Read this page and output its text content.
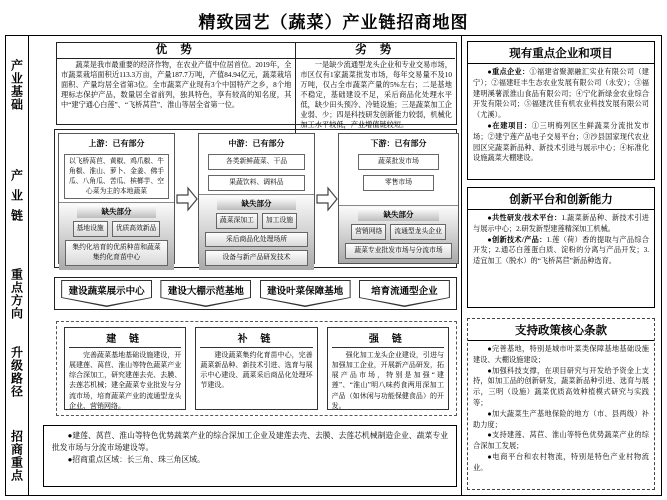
精致园艺（蔬菜）产业链招商地图
产业基础
产业链
重点方向
升级路径
招商重点
优 势	劣 势
蔬菜是我市最重要的经济作物，在农业产值中位居首位。2019年，全市蔬菜栽培面积近113.3万亩，产量187.7万吨，产值84.94亿元，蔬菜栽培面积、产量均居全省第3位。全市蔬菜产业现有3个中国特产之乡，8个地理标志保护产品，数量居全省前列，独具特色，享有较高的知名度，其中“建宁通心白莲”、“飞桥莴苣”、淮山等居全省第一位。
一是缺少流通型龙头企业和专业交易市场，市区仅有1家蔬菜批发市场，每年交易量不及10万吨，仅占全市蔬菜产量的5%左右；二是基地不稳定，基础建设不足，采后商品化处理水平低，缺少田头预冷、冷链设施；三是蔬菜加工企业弱、少；四是科技研发创新能力较弱，机械化加工水平较低，产业增值链较短。
上游：已有部分
以飞桥莴苣、黄椒、鸡爪椒、牛角椒、淮山、萝卜、金姜、佛手瓜、八角瓜、苦瓜、槟榔芋、空心菜为主的本地蔬菜
缺失部分
基地设施	优质高效新品
集约化培育的优质种苗和蔬菜集约化育苗中心
中游：已有部分
各类新鲜蔬菜、干品
果蔬饮料、调料品
缺失部分
蔬菜深加工	加工设施
采后商品化处理场所
设备与新产品研发技术
下游：已有部分
蔬菜批发市场
零售市场
缺失部分
营销网络	流通型龙头企业
蔬菜专业批发市场与分流市场
建设蔬菜展示中心	建设大棚示范基地	建设叶菜保障基地	培育流通型企业
建 链
完善蔬菜基地基础设施建设，开展建莲、莴苣、淮山等特色蔬菜产业综合深加工，研究建莲去壳、去膜、去莲芯机械；建全蔬菜专业批发与分流市场，培育蔬菜产业的流通型龙头企业、营销网络。
补 链
建设蔬菜集约化育苗中心，完善蔬菜新品种、新技术引进、选育与展示中心建设、蔬菜采后商品化处理环节建设。
强 链
强化加工龙头企业建设，引进与加强加工企业，开展新产品研发，拓展产品市场，特别是加强“建莲”、“淮山”明八味药食两用深加工产品（如休闲与功能保健食品）的开发。

●建莲、莴苣、淮山等特色优势蔬菜产业的综合深加工企业及建莲去壳、去膜、去莲芯机械制造企业、蔬菜专业批发市场与分流市场建设等。

●招商重点区域：长三角、珠三角区域。

现有重点企业和项目

●重点企业：①福建省聚源融汇实业有限公司（建宁）；②福建旺丰生态农业发展有限公司（永安）；③福建明溪薯派淮山食品有限公司；④宁化新绿金农业综合开发有限公司；⑤福建沈佳有机农业科技发展有限公司（尤溪）。

●在建项目：①三明梅列区生鲜蔬菜分流批发市场；②建宁莲产品电子交易平台；③沙县国家现代农业园区完蔬菜新品种、新技术引进与展示中心；④标准化设施蔬菜大棚建设。

创新平台和创新能力

●共性研发/技术平台：1.蔬菜新品种、新技术引进与展示中心；2.研发新型建莲精深加工机械。

●创新技术/产品：1.莲（荷）香的提取与产品综合开发；2.通芯白莲蛋白质、淀粉的分离与产品开发；3.适宜加工（脱水）的“飞桥莴苣”新品种选育。

支持政策核心条款

●完善基地，特别是城市叶菜类保障基地基础设施建设、大棚设施建设；

●加强科技支撑，在项目研究与开发给予资金上支持，如加工品的创新研发，蔬菜新品种引进、选育与展示，三明（设施）蔬菜优质高效种植模式研究与实践等；

●加大蔬菜生产基地保险的地方（市、县两级）补助力度；

●支持建莲、莴苣、淮山等特色优势蔬菜产业的综合深加工发展；

●电商平台和农村物流，特别是特色产业村物流业。
